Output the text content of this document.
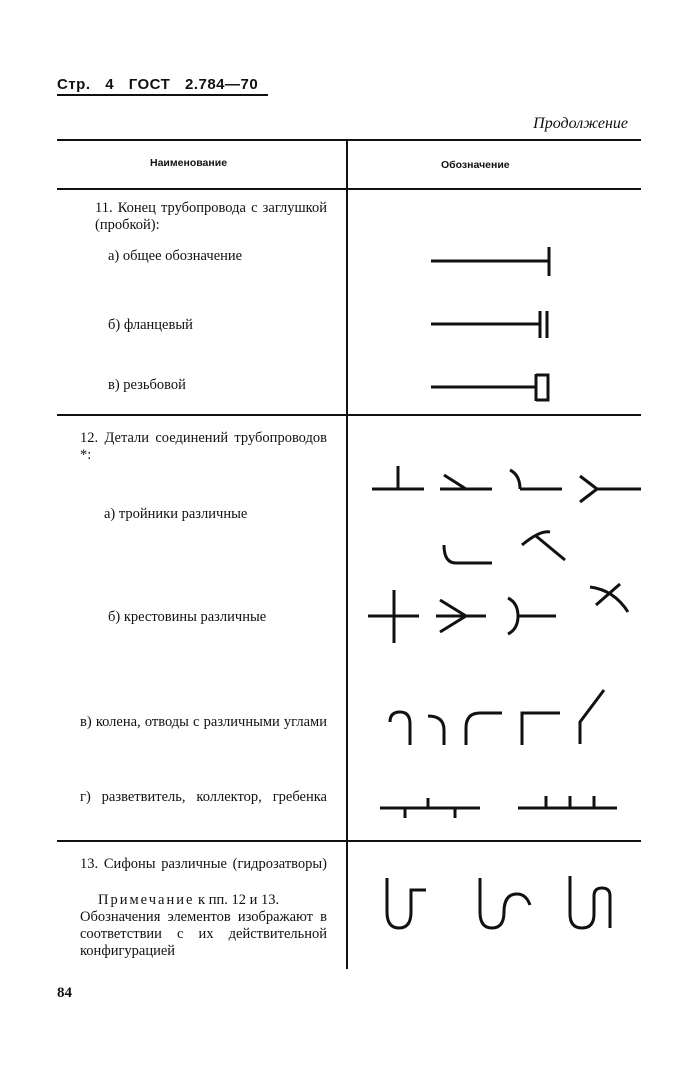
Стр. 4 ГОСТ 2.784—70
Продолжение
Наименование	Обозначение
11. Конец трубопровода с заглушкой (пробкой):
а) общее обозначение
б) фланцевый
в) резьбовой
12. Детали соединений трубопроводов *:
а) тройники различные
б) крестовины различные
в) колена, отводы с различными углами
г) разветвитель, коллектор, гребенка
13. Сифоны различные (гидрозатворы)
Примечание к пп. 12 и 13.
Обозначения элементов изображают в соответствии с их действительной конфигурацией
84
